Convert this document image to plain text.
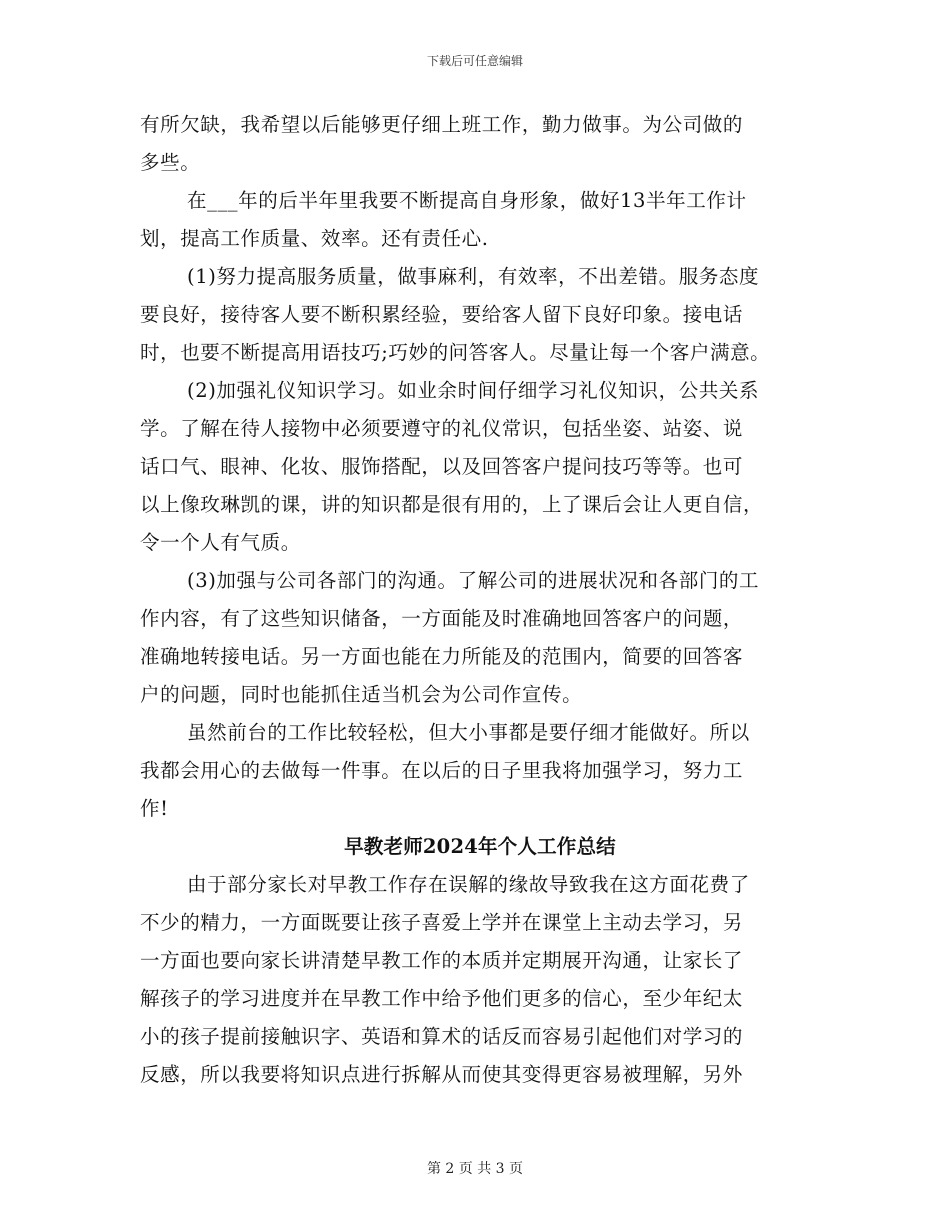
下载后可任意编辑
有所欠缺，我希望以后能够更仔细上班工作，勤力做事。为公司做的
多些。
在___年的后半年里我要不断提高自身形象，做好13半年工作计
划，提高工作质量、效率。还有责任心.
(1)努力提高服务质量，做事麻利，有效率，不出差错。服务态度
要良好，接待客人要不断积累经验，要给客人留下良好印象。接电话
时，也要不断提高用语技巧;巧妙的问答客人。尽量让每一个客户满意。
(2)加强礼仪知识学习。如业余时间仔细学习礼仪知识，公共关系
学。了解在待人接物中必须要遵守的礼仪常识，包括坐姿、站姿、说
话口气、眼神、化妆、服饰搭配，以及回答客户提问技巧等等。也可
以上像玫琳凯的课，讲的知识都是很有用的，上了课后会让人更自信，
令一个人有气质。
(3)加强与公司各部门的沟通。了解公司的进展状况和各部门的工
作内容，有了这些知识储备，一方面能及时准确地回答客户的问题，
准确地转接电话。另一方面也能在力所能及的范围内，简要的回答客
户的问题，同时也能抓住适当机会为公司作宣传。
虽然前台的工作比较轻松，但大小事都是要仔细才能做好。所以
我都会用心的去做每一件事。在以后的日子里我将加强学习，努力工
作!
早教老师2024年个人工作总结
由于部分家长对早教工作存在误解的缘故导致我在这方面花费了
不少的精力，一方面既要让孩子喜爱上学并在课堂上主动去学习，另
一方面也要向家长讲清楚早教工作的本质并定期展开沟通，让家长了
解孩子的学习进度并在早教工作中给予他们更多的信心，至少年纪太
小的孩子提前接触识字、英语和算术的话反而容易引起他们对学习的
反感，所以我要将知识点进行拆解从而使其变得更容易被理解，另外
第 2 页 共 3 页
